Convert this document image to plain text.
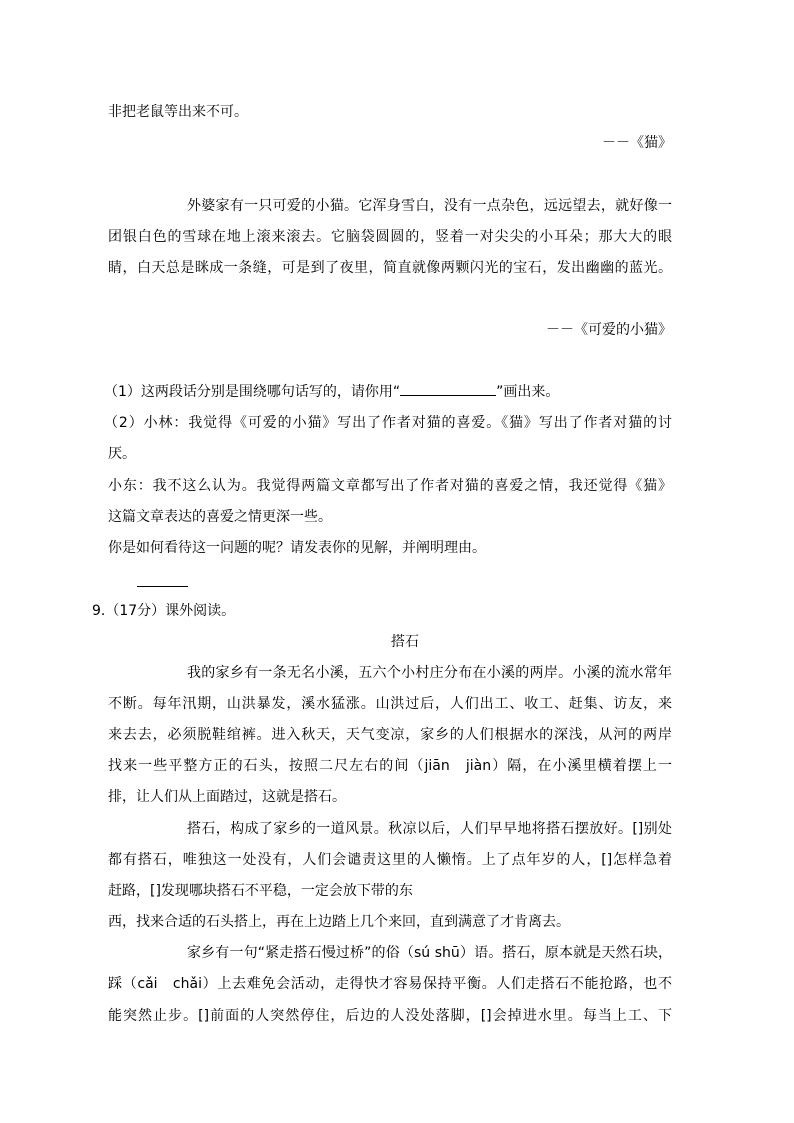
非把老鼠等出来不可。
－－《猫》
外婆家有一只可爱的小猫。它浑身雪白，没有一点杂色，远远望去，就好像一
团银白色的雪球在地上滚来滚去。它脑袋圆圆的，竖着一对尖尖的小耳朵；那大大的眼
睛，白天总是眯成一条缝，可是到了夜里，简直就像两颗闪光的宝石，发出幽幽的蓝光。
－－《可爱的小猫》
（1）这两段话分别是围绕哪句话写的，请你用“	”画出来。
（2）小林：我觉得《可爱的小猫》写出了作者对猫的喜爱。《猫》写出了作者对猫的讨
厌。
小东：我不这么认为。我觉得两篇文章都写出了作者对猫的喜爱之情，我还觉得《猫》
这篇文章表达的喜爱之情更深一些。
你是如何看待这一问题的呢？请发表你的见解，并阐明理由。
9.（17分）课外阅读。
搭石
我的家乡有一条无名小溪，五六个小村庄分布在小溪的两岸。小溪的流水常年
不断。每年汛期，山洪暴发，溪水猛涨。山洪过后，人们出工、收工、赶集、访友，来
来去去，必须脱鞋绾裤。进入秋天，天气变凉，家乡的人们根据水的深浅，从河的两岸
找来一些平整方正的石头，按照二尺左右的间（jiān　jiàn）隔，在小溪里横着摆上一
排，让人们从上面踏过，这就是搭石。
搭石，构成了家乡的一道风景。秋凉以后，人们早早地将搭石摆放好。[]别处
都有搭石，唯独这一处没有，人们会谴责这里的人懒惰。上了点年岁的人，[]怎样急着
赶路，[]发现哪块搭石不平稳，一定会放下带的东
西，找来合适的石头搭上，再在上边踏上几个来回，直到满意了才肯离去。
家乡有一句“紧走搭石慢过桥”的俗（sú shū）语。搭石，原本就是天然石块，
踩（cǎi　chǎi）上去难免会活动，走得快才容易保持平衡。人们走搭石不能抢路，也不
能突然止步。[]前面的人突然停住，后边的人没处落脚，[]会掉进水里。每当上工、下
